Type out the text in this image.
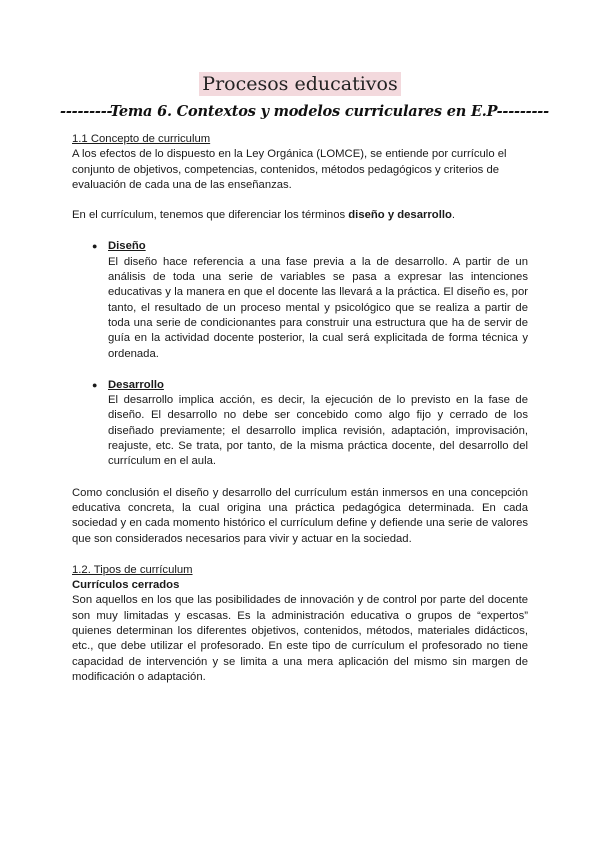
Procesos educativos
---------Tema 6. Contextos y modelos curriculares en E.P---------

1.1 Concepto de curriculum

A los efectos de lo dispuesto en la Ley Orgánica (LOMCE), se entiende por currículo el conjunto de objetivos, competencias, contenidos, métodos pedagógicos y criterios de evaluación de cada una de las enseñanzas.

En el currículum, tenemos que diferenciar los términos diseño y desarrollo.

● Diseño

El diseño hace referencia a una fase previa a la de desarrollo. A partir de un análisis de toda una serie de variables se pasa a expresar las intenciones educativas y la manera en que el docente las llevará a la práctica. El diseño es, por tanto, el resultado de un proceso mental y psicológico que se realiza a partir de toda una serie de condicionantes para construir una estructura que ha de servir de guía en la actividad docente posterior, la cual será explicitada de forma técnica y ordenada.

● Desarrollo

El desarrollo implica acción, es decir, la ejecución de lo previsto en la fase de diseño. El desarrollo no debe ser concebido como algo fijo y cerrado de los diseñado previamente; el desarrollo implica revisión, adaptación, improvisación, reajuste, etc. Se trata, por tanto, de la misma práctica docente, del desarrollo del currículum en el aula.

Como conclusión el diseño y desarrollo del currículum están inmersos en una concepción educativa concreta, la cual origina una práctica pedagógica determinada. En cada sociedad y en cada momento histórico el currículum define y defiende una serie de valores que son considerados necesarios para vivir y actuar en la sociedad.

1.2. Tipos de currículum

Currículos cerrados

Son aquellos en los que las posibilidades de innovación y de control por parte del docente son muy limitadas y escasas. Es la administración educativa o grupos de “expertos” quienes determinan los diferentes objetivos, contenidos, métodos, materiales didácticos, etc., que debe utilizar el profesorado. En este tipo de currículum el profesorado no tiene capacidad de intervención y se limita a una mera aplicación del mismo sin margen de modificación o adaptación.
